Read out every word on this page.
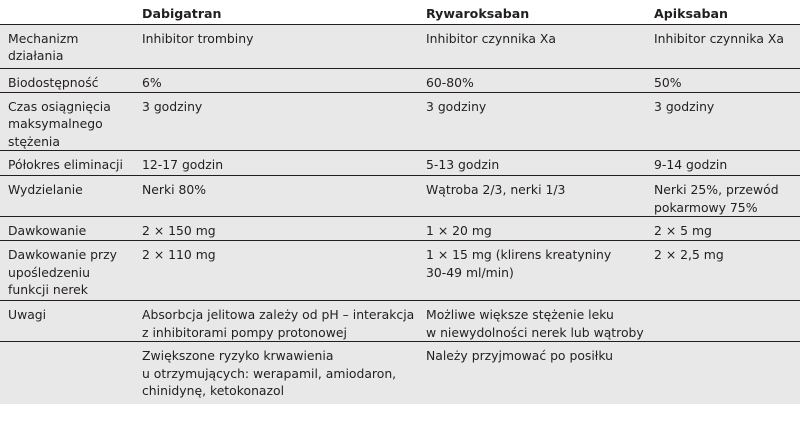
	Dabigatran	Rywaroksaban	Apiksaban

Mechanizm
działania	Inhibitor trombiny	Inhibitor czynnika Xa	Inhibitor czynnika Xa

Biodostępność	6%	60-80%	50%

Czas osiągnięcia
maksymalnego
stężenia	3 godziny	3 godziny	3 godziny

Półokres eliminacji	12-17 godzin	5-13 godzin	9-14 godzin

Wydzielanie	Nerki 80%	Wątroba 2/3, nerki 1/3	Nerki 25%, przewód
pokarmowy 75%

Dawkowanie	2 × 150 mg	1 × 20 mg	2 × 5 mg

Dawkowanie przy
upośledzeniu
funkcji nerek	2 × 110 mg	1 × 15 mg (klirens kreatyniny
30-49 ml/min)	2 × 2,5 mg

Uwagi	Absorbcja jelitowa zależy od pH – interakcja
z inhibitorami pompy protonowej	Możliwe większe stężenie leku
w niewydolności nerek lub wątroby	

	Zwiększone ryzyko krwawienia
u otrzymujących: werapamil, amiodaron,
chinidynę, ketokonazol	Należy przyjmować po posiłku	
